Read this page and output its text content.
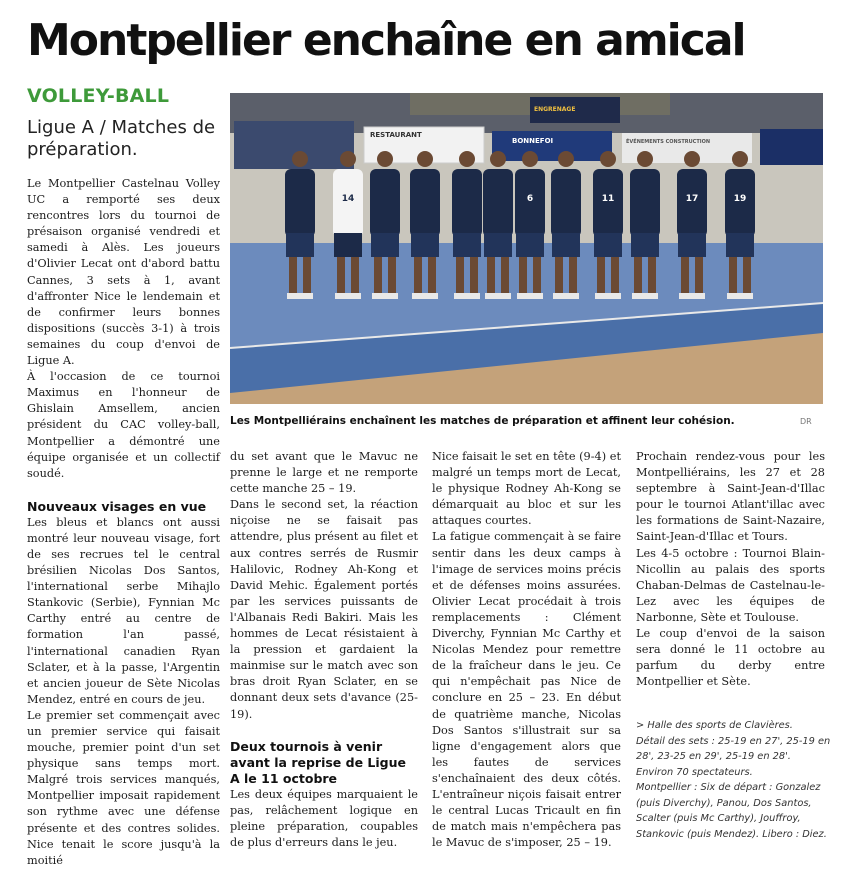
Montpellier enchaîne en amical
VOLLEY-BALL
Ligue A / Matches de préparation.
RESTAURANT
BONNEFOI	ÉVÉNEMENTS CONSTRUCTION
ENGRENAGE
14	6	11	17	19
Les Montpelliérains enchaînent les matches de préparation et affinent leur cohésion.	DR

Le Montpellier Castelnau Volley UC a remporté ses deux rencontres lors du tournoi de présaison organisé vendredi et samedi à Alès. Les joueurs d'Olivier Lecat ont d'abord battu Cannes, 3 sets à 1, avant d'affronter Nice le lendemain et de confirmer leurs bonnes dispositions (succès 3-1) à trois semaines du coup d'envoi de Ligue A.

À l'occasion de ce tournoi Maximus en l'honneur de Ghislain Amsellem, ancien président du CAC volley-ball, Montpellier a démontré une équipe organisée et un collectif soudé.

Nouveaux visages en vue

Les bleus et blancs ont aussi montré leur nouveau visage, fort de ses recrues tel le central brésilien Nicolas Dos Santos, l'international serbe Mihajlo Stankovic (Serbie), Fynnian Mc Carthy entré au centre de formation l'an passé, l'international canadien Ryan Sclater, et à la passe, l'Argentin et ancien joueur de Sète Nicolas Mendez, entré en cours de jeu.

Le premier set commençait avec un premier service qui faisait mouche, premier point d'un set physique sans temps mort. Malgré trois services manqués, Montpellier imposait rapidement son rythme avec une défense présente et des contres solides. Nice tenait le score jusqu'à la moitié

du set avant que le Mavuc ne prenne le large et ne remporte cette manche 25 – 19.

Dans le second set, la réaction niçoise ne se faisait pas attendre, plus présent au filet et aux contres serrés de Rusmir Halilovic, Rodney Ah-Kong et David Mehic. Également portés par les services puissants de l'Albanais Redi Bakiri. Mais les hommes de Lecat résistaient à la pression et gardaient la mainmise sur le match avec son bras droit Ryan Sclater, en se donnant deux sets d'avance (25-19).

Deux tournois à venir avant la reprise de Ligue A le 11 octobre

Les deux équipes marquaient le pas, relâchement logique en pleine préparation, coupables de plus d'erreurs dans le jeu.

Nice faisait le set en tête (9-4) et malgré un temps mort de Lecat, le physique Rodney Ah-Kong se démarquait au bloc et sur les attaques courtes.

La fatigue commençait à se faire sentir dans les deux camps à l'image de services moins précis et de défenses moins assurées. Olivier Lecat procédait à trois remplacements : Clément Diverchy, Fynnian Mc Carthy et Nicolas Mendez pour remettre de la fraîcheur dans le jeu. Ce qui n'empêchait pas Nice de conclure en 25 – 23. En début de quatrième manche, Nicolas Dos Santos s'illustrait sur sa ligne d'engagement alors que les fautes de services s'enchaînaient des deux côtés. L'entraîneur niçois faisait entrer le central Lucas Tricault en fin de match mais n'empêchera pas le Mavuc de s'imposer, 25 – 19.

Prochain rendez-vous pour les Montpelliérains, les 27 et 28 septembre à Saint-Jean-d'Illac pour le tournoi Atlant'illac avec les formations de Saint-Nazaire, Saint-Jean-d'Illac et Tours.

Les 4-5 octobre : Tournoi Blain-Nicollin au palais des sports Chaban-Delmas de Castelnau-le-Lez avec les équipes de Narbonne, Sète et Toulouse.

Le coup d'envoi de la saison sera donné le 11 octobre au parfum du derby entre Montpellier et Sète.

> Halle des sports de Clavières.

Détail des sets : 25-19 en 27', 25-19 en 28', 23-25 en 29', 25-19 en 28'.

Environ 70 spectateurs.

Montpellier : Six de départ : Gonzalez (puis Diverchy), Panou, Dos Santos, Scalter (puis Mc Carthy), Jouffroy, Stankovic (puis Mendez). Libero : Diez.
